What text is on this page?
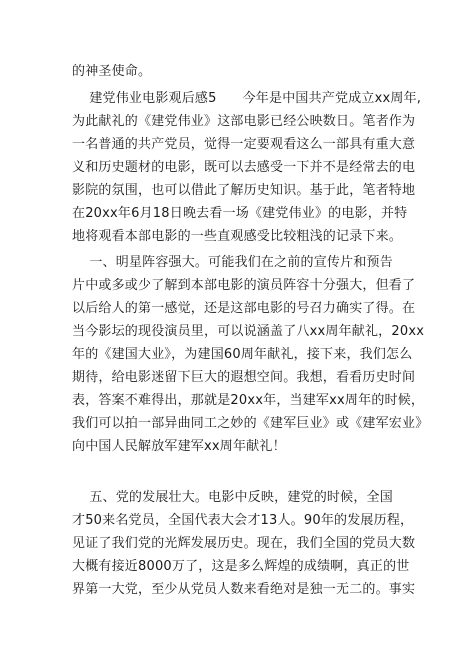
的神圣使命。
建党伟业电影观后感5      今年是中国共产党成立xx周年,
为此献礼的《建党伟业》这部电影已经公映数日。笔者作为
一名普通的共产党员，觉得一定要观看这么一部具有重大意
义和历史题材的电影，既可以去感受一下并不是经常去的电
影院的氛围，也可以借此了解历史知识。基于此，笔者特地
在20xx年6月18日晚去看一场《建党伟业》的电影，并特
地将观看本部电影的一些直观感受比较粗浅的记录下来。
一、明星阵容强大。可能我们在之前的宣传片和预告
片中或多或少了解到本部电影的演员阵容十分强大，但看了
以后给人的第一感觉，还是这部电影的号召力确实了得。在
当今影坛的现役演员里，可以说涵盖了八xx周年献礼，20xx
年的《建国大业》，为建国60周年献礼，接下来，我们怎么
期待，给电影迷留下巨大的遐想空间。我想，看看历史时间
表，答案不难得出，那就是20xx年，当建军xx周年的时候，
我们可以拍一部异曲同工之妙的《建军巨业》或《建军宏业》
向中国人民解放军建军xx周年献礼！
五、党的发展壮大。电影中反映，建党的时候，全国
才50来名党员，全国代表大会才13人。90年的发展历程，
见证了我们党的光辉发展历史。现在，我们全国的党员大数
大概有接近8000万了，这是多么辉煌的成绩啊，真正的世
界第一大党，至少从党员人数来看绝对是独一无二的。事实
